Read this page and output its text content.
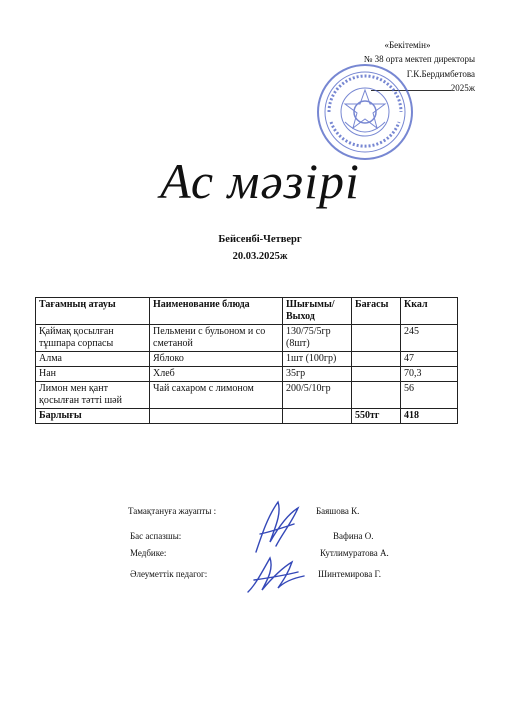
«Бекітемін»
№ 38 орта мектеп директоры
Г.К.Бердимбетова
2025ж
Ас мәзірі
Бейсенбі-Четверг
20.03.2025ж
Тағамның атауы	Наименование блюда	Шығымы/ Выход	Бағасы	Ккал
Қаймақ қосылған тұшпара сорпасы	Пельмени с бульоном и со сметаной	130/75/5гр (8шт)		245
Алма	Яблоко	1шт (100гр)		47
Нан	Хлеб	35гр		70,3
Лимон мен қант қосылған тәтті шәй	Чай сахаром с лимоном	200/5/10гр		56
Барлығы			550тг	418
Тамақтануға жауапты :	Баяшова К.
Бас аспазшы:	Вафина О.
Медбике:	Кутлимуратова А.
Әлеуметтік педагог:	Шинтемирова Г.
